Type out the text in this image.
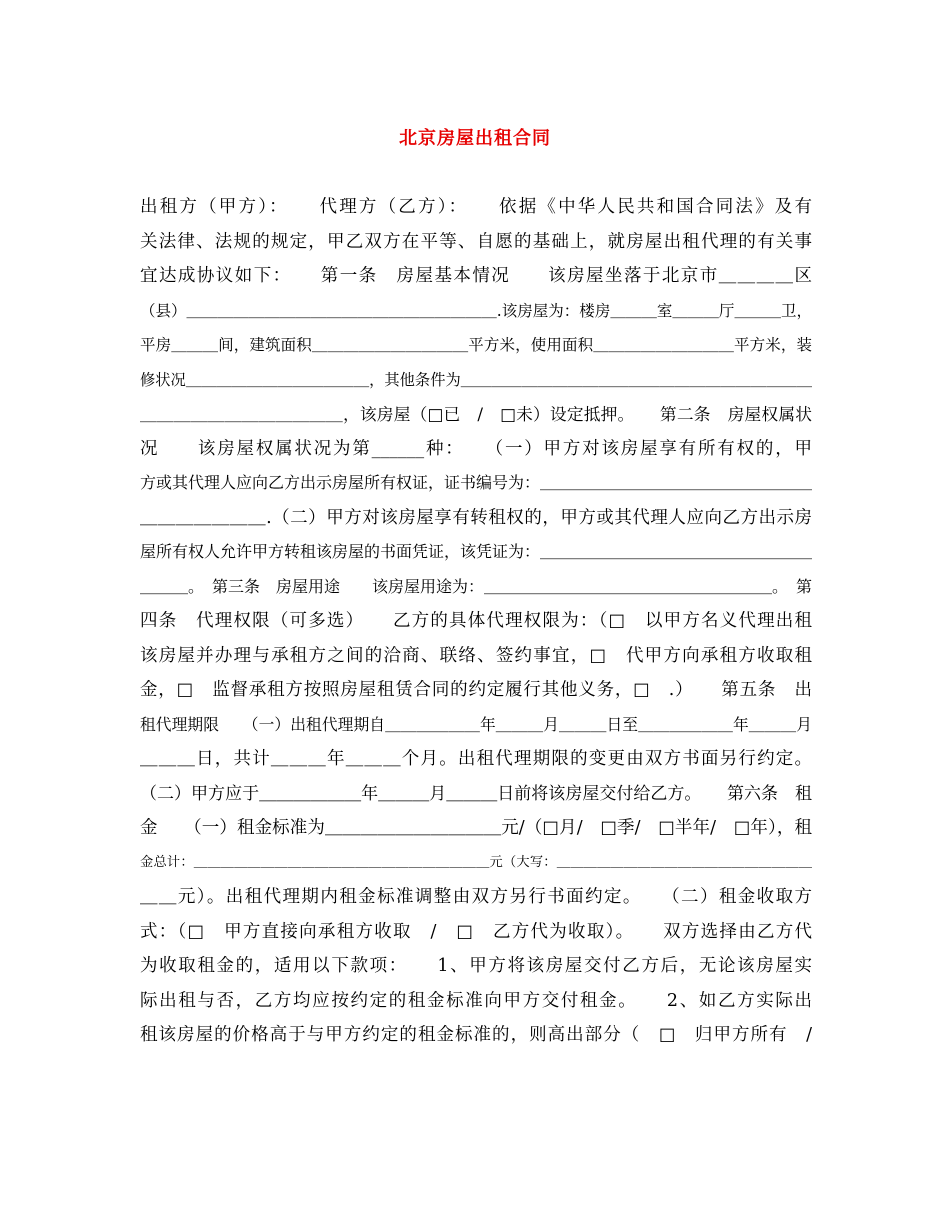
北京房屋出租合同
出租方（甲方）：　　代理方（乙方）：　　依据《中华人民共和国合同法》及有
关法律、法规的规定，甲乙双方在平等、自愿的基础上，就房屋出租代理的有关事
宜达成协议如下：　　第一条　房屋基本情况　　该房屋坐落于北京市＿＿＿＿区
（县）＿＿＿＿＿＿＿＿＿＿＿＿＿＿＿＿＿＿＿＿.该房屋为：楼房＿＿＿室＿＿＿厅＿＿＿卫，
平房＿＿＿间，建筑面积＿＿＿＿＿＿＿＿＿＿平方米，使用面积＿＿＿＿＿＿＿＿＿平方米，装
修状况＿＿＿＿＿＿＿＿＿＿＿＿，其他条件为＿＿＿＿＿＿＿＿＿＿＿＿＿＿＿＿＿＿＿＿＿＿＿
＿＿＿＿＿＿＿＿＿＿＿＿，该房屋（□已　/　□未）设定抵押。　　第二条　房屋权属状
况　　该房屋权属状况为第______种：　　（一）甲方对该房屋享有所有权的，甲
方或其代理人应向乙方出示房屋所有权证，证书编号为：＿＿＿＿＿＿＿＿＿＿＿＿＿＿＿＿＿
＿＿＿＿＿＿＿.（二）甲方对该房屋享有转租权的，甲方或其代理人应向乙方出示房
屋所有权人允许甲方转租该房屋的书面凭证，该凭证为：＿＿＿＿＿＿＿＿＿＿＿＿＿＿＿＿＿
＿＿＿。　第三条　房屋用途　　该房屋用途为：＿＿＿＿＿＿＿＿＿＿＿＿＿＿＿＿＿＿。　第
四条　代理权限（可多选）　　乙方的具体代理权限为：（□　以甲方名义代理出租
该房屋并办理与承租方之间的洽商、联络、签约事宜，□　代甲方向承租方收取租
金，□　监督承租方按照房屋租赁合同的约定履行其他义务，□　.）　　第五条　出
租代理期限　　（一）出租代理期自＿＿＿＿＿＿年＿＿＿月＿＿＿日至＿＿＿＿＿＿年＿＿＿月
＿＿＿日，共计＿＿＿年＿＿＿个月。出租代理期限的变更由双方书面另行约定。
（二）甲方应于＿＿＿＿＿＿年＿＿＿月＿＿＿日前将该房屋交付给乙方。　　第六条　租
金　　（一）租金标准为＿＿＿＿＿＿＿＿＿＿元/（□月/　□季/　□半年/　□年），租
金总计：＿＿＿＿＿＿＿＿＿＿＿＿＿＿＿＿＿＿＿＿＿＿元（大写：＿＿＿＿＿＿＿＿＿＿＿＿＿＿＿＿＿＿＿
＿＿元）。出租代理期内租金标准调整由双方另行书面约定。　　（二）租金收取方
式：（□　甲方直接向承租方收取　/　□　乙方代为收取）。　　双方选择由乙方代
为收取租金的，适用以下款项：　　1、甲方将该房屋交付乙方后，无论该房屋实
际出租与否，乙方均应按约定的租金标准向甲方交付租金。　　2、如乙方实际出
租该房屋的价格高于与甲方约定的租金标准的，则高出部分（　□　归甲方所有　/
